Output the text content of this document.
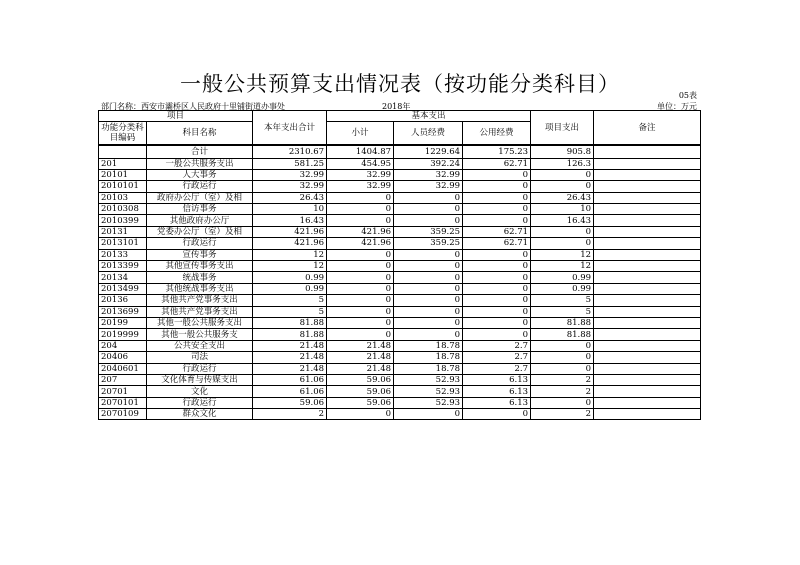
一般公共预算支出情况表（按功能分类科目）	05表
部门名称：西安市灞桥区人民政府十里铺街道办事处	2018年	单位：万元
项目		本年支出合计	基本支出			项目支出	备注
功能分类科目编码	科目名称		小计	人员经费	公用经费		

	合计	2310.67	1404.87	1229.64	175.23	905.8	
201	一般公共服务支出	581.25	454.95	392.24	62.71	126.3	
20101	人大事务	32.99	32.99	32.99	0	0	
2010101	行政运行	32.99	32.99	32.99	0	0	
20103	政府办公厅（室）及相	26.43	0	0	0	26.43	
2010308	信访事务	10	0	0	0	10	
2010399	其他政府办公厅	16.43	0	0	0	16.43	
20131	党委办公厅（室）及相	421.96	421.96	359.25	62.71	0	
2013101	行政运行	421.96	421.96	359.25	62.71	0	
20133	宣传事务	12	0	0	0	12	
2013399	其他宣传事务支出	12	0	0	0	12	
20134	统战事务	0.99	0	0	0	0.99	
2013499	其他统战事务支出	0.99	0	0	0	0.99	
20136	其他共产党事务支出	5	0	0	0	5	
2013699	其他共产党事务支出	5	0	0	0	5	
20199	其他一般公共服务支出	81.88	0	0	0	81.88	
2019999	其他一般公共服务支	81.88	0	0	0	81.88	
204	公共安全支出	21.48	21.48	18.78	2.7	0	
20406	司法	21.48	21.48	18.78	2.7	0	
2040601	行政运行	21.48	21.48	18.78	2.7	0	
207	文化体育与传媒支出	61.06	59.06	52.93	6.13	2	
20701	文化	61.06	59.06	52.93	6.13	2	
2070101	行政运行	59.06	59.06	52.93	6.13	0	
2070109	群众文化	2	0	0	0	2	
